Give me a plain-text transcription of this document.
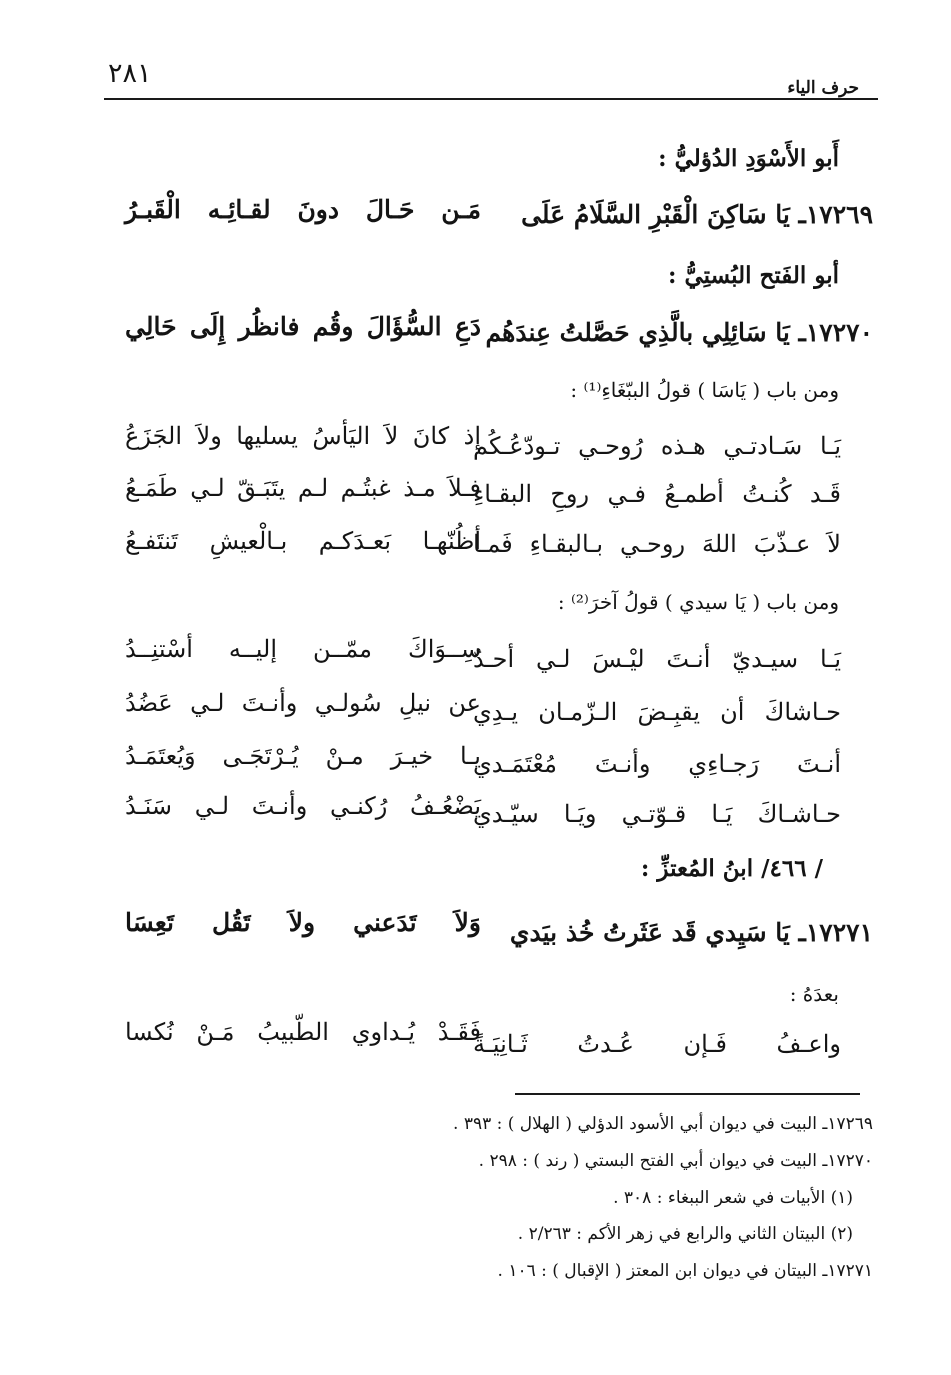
٢٨١	حرف الياء
أَبو الأَسْوَدِ الدُؤليُّ :
١٧٢٦٩ـ يَا سَاكِنَ الْقَبْرِ السَّلَامُ عَلَى
مَـن حَـالَ دونَ لقـائِـه الْقَبـرُ
أبو الفَتح البُستِيُّ :
١٧٢٧٠ـ يَا سَائِلِي بالَّذِي حَصَّلتُ عِندَهُم
دَعِ السُّؤَالَ وقُم فانظُر إِلَى حَالِي
ومن باب ( يَاسَا ) قولُ الببّغَاءِ⁽¹⁾ :
يَـا سَـادتـي هـذه رُوحـي تـودّعُـكُم
إذ كانَ لاَ اليَأسُ يسليها ولاَ الجَزَعُ
قَـد كُنـتُ أطمـعُ فـي روحِ البقـاءِ
فـلاَ مـذ غبتُـم لـم يتَبَـقّ لـي طَمَـعُ
لاَ عـذّبَ اللهَ روحـي بـالبقـاءِ فَمـا
أظُنّهـا بَعـدَكـم بـالْعيشِ تَنتَفـعُ
ومن باب ( يَا سيدي ) قولُ آخرَ⁽²⁾ :
يَـا سيـديّ أنـتَ ليْـسَ لـي أحـدٌ
سِــوَاكَ ممّــن إليــه أسْتنِــدُ
حـاشاكَ أن يقبِـضَ الـزّمـان يـدِي
عن نيلِ سُولـي وأنـتَ لـي عَضُدُ
أنـتَ رَجـاءِي وأنـتَ مُعْتَمَـدي
يـا خيـرَ مـنْ يُـرْتَجَـى وَيُعتَمَـدُ
حـاشـاكَ يَـا قـوّتـي ويَـا سيّـدي
يَضْعُـفُ رُكنـي وأنـتَ لـي سَنَـدُ
/ ٤٦٦/ ابنُ المُعتزِّ :
١٧٢٧١ـ يَا سَيِدي قَد عَثَرتُ خُذ بيَدي
وَلاَ تَدَعني ولاَ تَقُل تَعِسَا
بعدَهُ :
واعـفُ فَـإن عُـدتُ ثَـانِيَـةً
فَقَـدْ يُـداوي الطّبيبُ مَـنْ نُكسا
١٧٢٦٩ـ البيت في ديوان أبي الأسود الدؤلي ( الهلال ) : ٣٩٣ .
١٧٢٧٠ـ البيت في ديوان أبي الفتح البستي ( رند ) : ٢٩٨ .
(١) الأبيات في شعر الببغاء : ٣٠٨ .
(٢) البيتان الثاني والرابع في زهر الأكم : ٢/٢٦٣ .
١٧٢٧١ـ البيتان في ديوان ابن المعتز ( الإقبال ) : ١٠٦ .
